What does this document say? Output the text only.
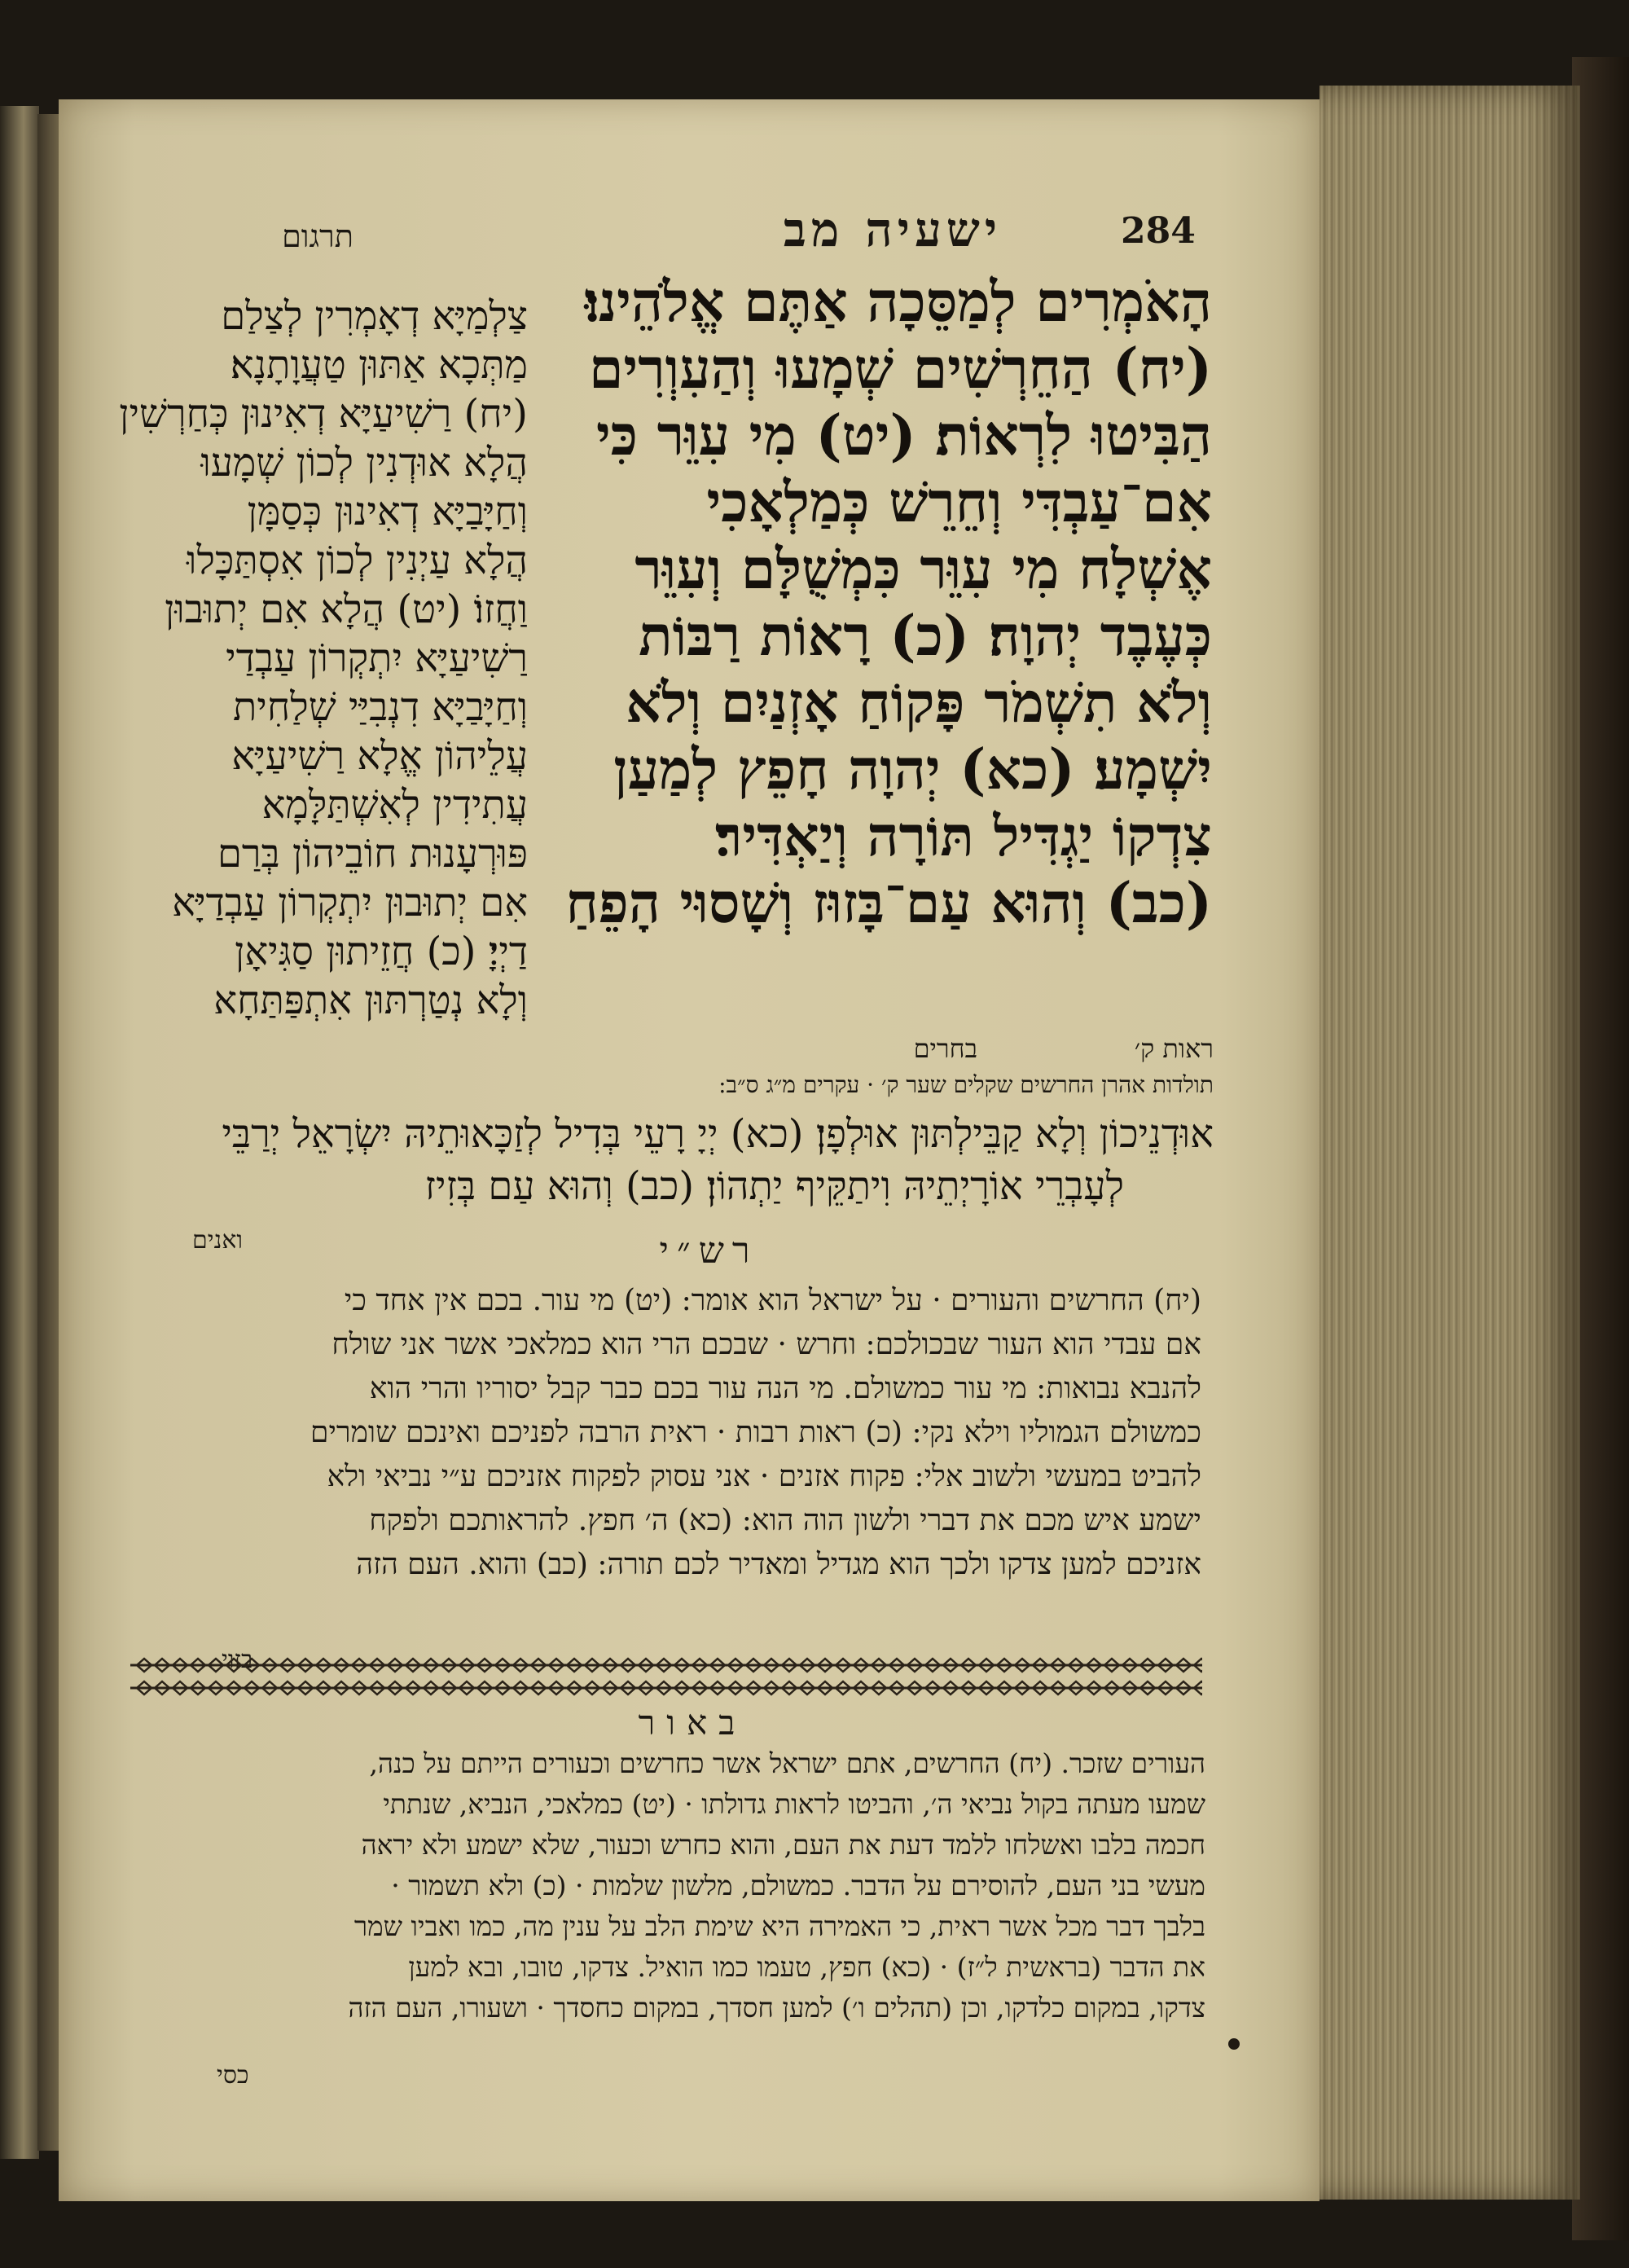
284
ישעיה מב
תרגום
הָאֹמְרִים לְמַסֵּכָה אַתֶּם אֱלֹהֵינוּ׃
(יח) הַחֵרְשִׁים שְׁמָעוּ וְהַעִוְרִים
הַבִּיטוּ לִרְאוֹת׃ (יט) מִי עִוֵּר כִּי
אִם־עַבְדִּי וְחֵרֵשׁ כְּמַלְאָכִי
אֶשְׁלָח מִי עִוֵּר כִּמְשֻׁלָּם וְעִוֵּר
כְּעֶבֶד יְהוָה׃ (כ) רָאוֹת רַבּוֹת
וְלֹא תִשְׁמֹר פָּקוֹחַ אָזְנַיִם וְלֹא
יִשְׁמָע׃ (כא) יְהוָה חָפֵץ לְמַעַן
צִדְקוֹ יַגְדִּיל תּוֹרָה וְיַאְדִּיר׃
(כב) וְהוּא עַם־בָּזוּז וְשָׁסוּי הָפֵחַ
צַלְמַיָּא דְאָמְרִין לְצַלַם
מַתְּכָא אַתּוּן טַעֲוָתָנָא׃
(יח) רַשִׁיעַיָּא דְאִינוּן כְּחַרְשִׁין
הֲלָא אוּדְנִין לְכוֹן שְׁמָעוּ
וְחַיָּבַיָּא דְאִינוּן כְּסַמָּן
הֲלָא עַיְנִין לְכוֹן אִסְתַּכָּלוּ
וַחֲזוֹ׃ (יט) הֲלָא אִם יְתוּבוּן
רַשִׁיעַיָּא יִתְקְרוֹן עַבְדַי
וְחַיָּבַיָּא דִנְבִיַּי שְׁלַחִית
עֲלֵיהוֹן אֱלָא רַשִׁיעַיָּא
עֲתִידִין לְאִשְׁתַּלָּמָא
פּוּרְעָנוּת חוֹבֵיהוֹן בְּרַם
אִם יְתוּבוּן יִתְקְרוֹן עַבְדַיָּא
דַיְיָ׃ (כ) חֲזֵיתוּן סַגִּיאָן
וְלָא נְטַרְתּוּן אִתְפַּתַּחָא
ראות ק׳
בחרים
תולדות אהרן החרשים שקלים שער ק׳ · עקרים מ״ג ס״ב:
אוּדְנֵיכוֹן וְלָא קַבֵּילְתּוּן אוּלְפָן׃ (כא) יְיָ רָעֵי בְּדִיל לְזַכָּאוּתֵיהּ יִשְׂרָאֵל יְרַבֵּי
לְעָבְרֵי אוֹרָיְתֵיהּ וִיתַקֵּיף יַתְהוֹן׃ (כב) וְהוּא עַם בְּזִיז
ואנים	רש״י
(יח) החרשים והעורים · על ישראל הוא אומר: (יט) מי עור. בכם אין אחד כי
אם עבדי הוא העור שבכולכם: וחרש · שבכם הרי הוא כמלאכי אשר אני שולח
להנבא נבואות: מי עור כמשולם. מי הנה עור בכם כבר קבל יסוריו והרי הוא
כמשולם הגמוליו וילא נקי: (כ) ראות רבות · ראית הרבה לפניכם ואינכם שומרים
להביט במעשי ולשוב אלי: פקוח אזנים · אני עסוק לפקוח אזניכם ע״י נביאי ולא
ישמע איש מכם את דברי ולשון הוה הוא: (כא) ה׳ חפץ. להראותכם ולפקח
אזניכם למען צדקו ולכך הוא מגדיל ומאדיר לכם תורה: (כב) והוא. העם הזה
בזוי
באור
העורים שזכר. (יח) החרשים, אתם ישראל אשר כחרשים וכעורים הייתם על כנה,
שמעו מעתה בקול נביאי ה׳, והביטו לראות גדולתו · (יט) כמלאכי, הנביא, שנתתי
חכמה בלבו ואשלחו ללמד דעת את העם, והוא כחרש וכעור, שלא ישמע ולא יראה
מעשי בני העם, להוסירם על הדבר. כמשולם, מלשון שלמות · (כ) ולא תשמור ·
בלבך דבר מכל אשר ראית, כי האמירה היא שימת הלב על ענין מה, כמו ואביו שמר
את הדבר (בראשית ל״ז) · (כא) חפץ, טעמו כמו הואיל. צדקו, טובו, ובא למען
צדקו, במקום כלדקו, וכן (תהלים ו׳) למען חסדך, במקום כחסדך · ושעורו, העם הזה
כסי
